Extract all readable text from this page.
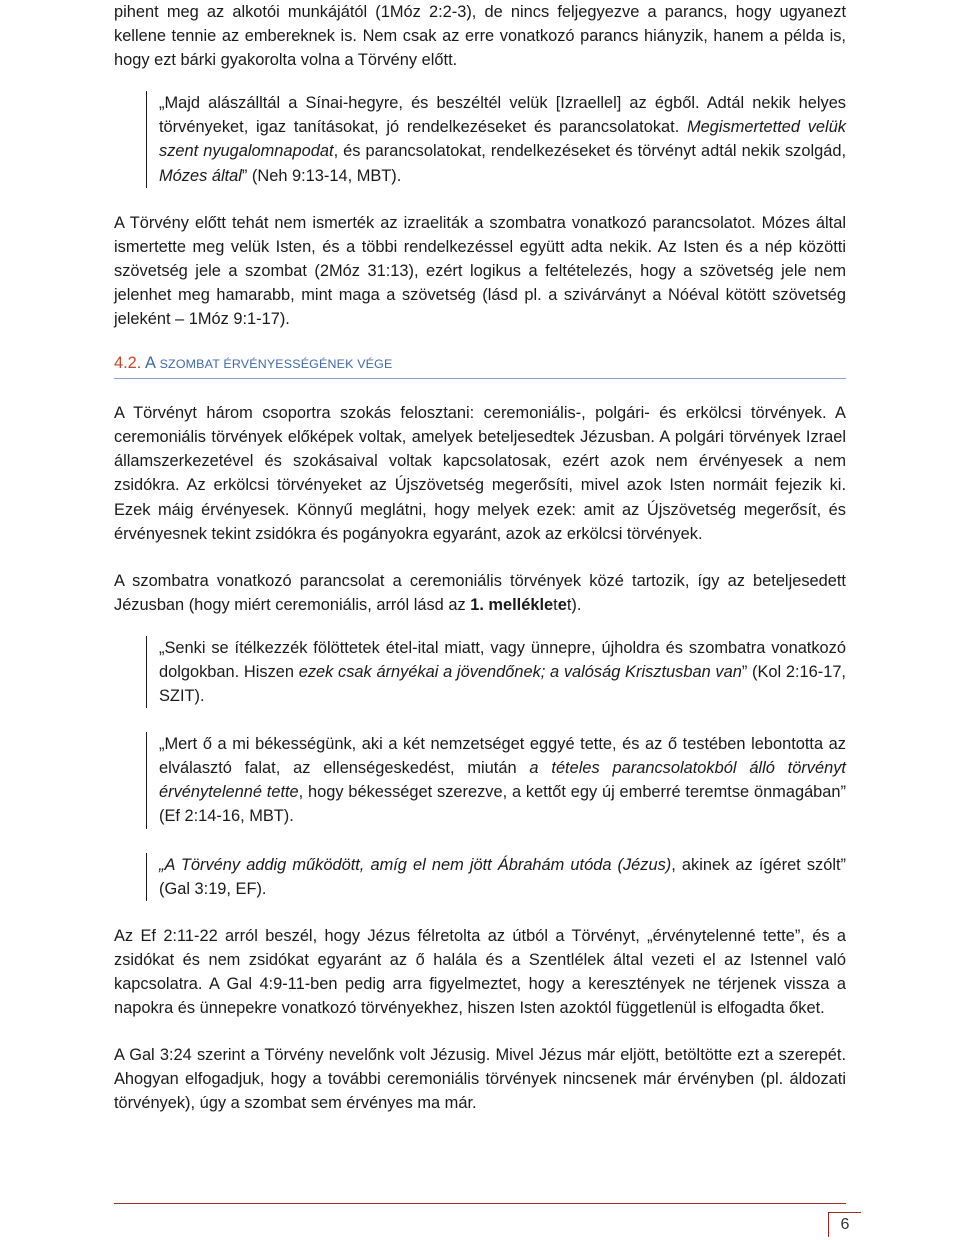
pihent meg az alkotói munkájától (1Móz 2:2-3), de nincs feljegyezve a parancs, hogy ugyanezt kellene tennie az embereknek is. Nem csak az erre vonatkozó parancs hiányzik, hanem a példa is, hogy ezt bárki gyakorolta volna a Törvény előtt.

„Majd alászálltál a Sínai-hegyre, és beszéltél velük [Izraellel] az égből. Adtál nekik helyes törvényeket, igaz tanításokat, jó rendelkezéseket és parancsolatokat. Megismertetted velük szent nyugalomnapodat, és parancsolatokat, rendelkezéseket és törvényt adtál nekik szolgád, Mózes által” (Neh 9:13-14, MBT).

A Törvény előtt tehát nem ismerték az izraeliták a szombatra vonatkozó parancsolatot. Mózes által ismertette meg velük Isten, és a többi rendelkezéssel együtt adta nekik. Az Isten és a nép közötti szövetség jele a szombat (2Móz 31:13), ezért logikus a feltételezés, hogy a szövetség jele nem jelenhet meg hamarabb, mint maga a szövetség (lásd pl. a szivárványt a Nóéval kötött szövetség jeleként – 1Móz 9:1-17).

4.2. A SZOMBAT ÉRVÉNYESSÉGÉNEK VÉGE

A Törvényt három csoportra szokás felosztani: ceremoniális-, polgári- és erkölcsi törvények. A ceremoniális törvények előképek voltak, amelyek beteljesedtek Jézusban. A polgári törvények Izrael államszerkezetével és szokásaival voltak kapcsolatosak, ezért azok nem érvényesek a nem zsidókra. Az erkölcsi törvényeket az Újszövetség megerősíti, mivel azok Isten normáit fejezik ki. Ezek máig érvényesek. Könnyű meglátni, hogy melyek ezek: amit az Újszövetség megerősít, és érvényesnek tekint zsidókra és pogányokra egyaránt, azok az erkölcsi törvények.

A szombatra vonatkozó parancsolat a ceremoniális törvények közé tartozik, így az beteljesedett Jézusban (hogy miért ceremoniális, arról lásd az 1. mellékletet).

„Senki se ítélkezzék fölöttetek étel-ital miatt, vagy ünnepre, újholdra és szombatra vonatkozó dolgokban. Hiszen ezek csak árnyékai a jövendőnek; a valóság Krisztusban van” (Kol 2:16-17, SZIT).

„Mert ő a mi békességünk, aki a két nemzetséget eggyé tette, és az ő testében lebontotta az elválasztó falat, az ellenségeskedést, miután a tételes parancsolatokból álló törvényt érvénytelenné tette, hogy békességet szerezve, a kettőt egy új emberré teremtse önmagában” (Ef 2:14-16, MBT).

„A Törvény addig működött, amíg el nem jött Ábrahám utóda (Jézus), akinek az ígéret szólt” (Gal 3:19, EF).

Az Ef 2:11-22 arról beszél, hogy Jézus félretolta az útból a Törvényt, „érvénytelenné tette”, és a zsidókat és nem zsidókat egyaránt az ő halála és a Szentlélek által vezeti el az Istennel való kapcsolatra. A Gal 4:9-11-ben pedig arra figyelmeztet, hogy a keresztények ne térjenek vissza a napokra és ünnepekre vonatkozó törvényekhez, hiszen Isten azoktól függetlenül is elfogadta őket.

A Gal 3:24 szerint a Törvény nevelőnk volt Jézusig. Mivel Jézus már eljött, betöltötte ezt a szerepét. Ahogyan elfogadjuk, hogy a további ceremoniális törvények nincsenek már érvényben (pl. áldozati törvények), úgy a szombat sem érvényes ma már.

6
